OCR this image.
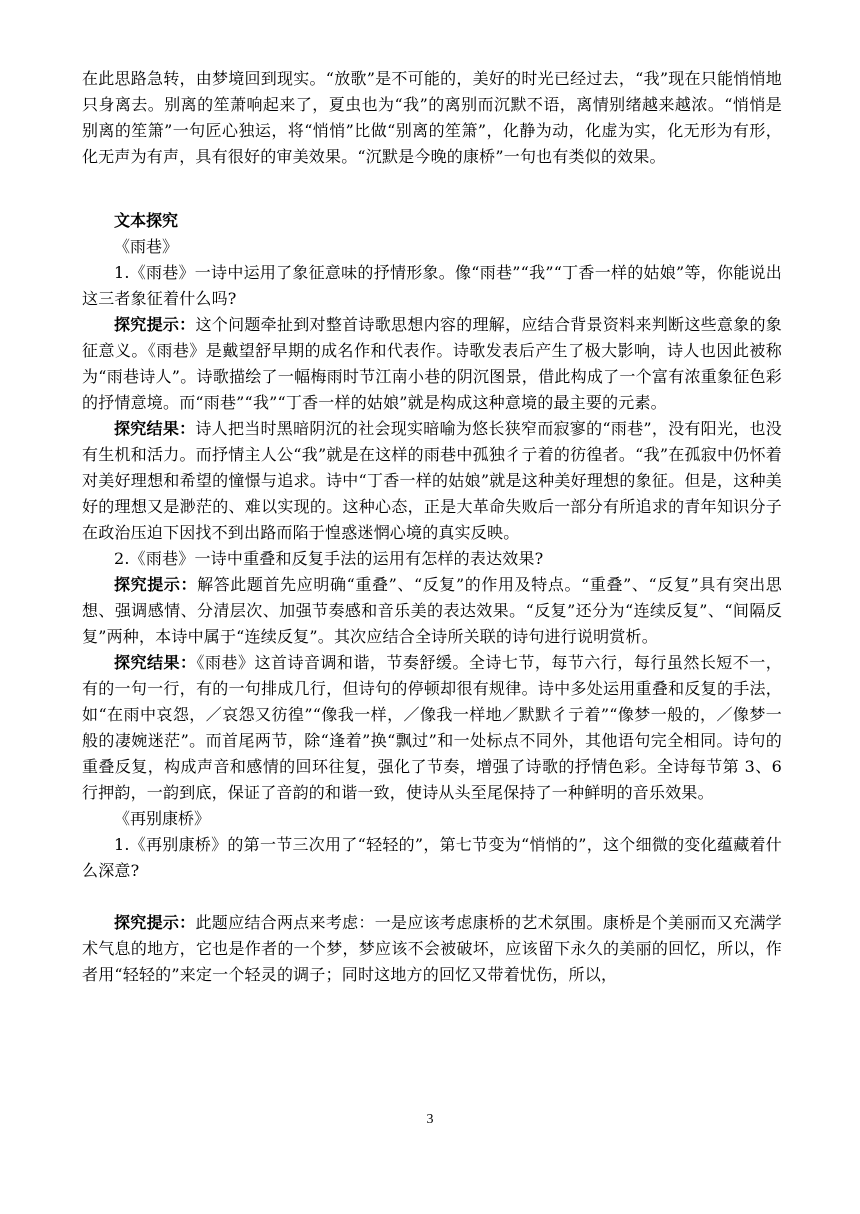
在此思路急转，由梦境回到现实。“放歌”是不可能的，美好的时光已经过去，“我”现在只能悄悄地只身离去。别离的笙萧响起来了，夏虫也为“我”的离别而沉默不语，离情别绪越来越浓。“悄悄是别离的笙箫”一句匠心独运，将“悄悄”比做“别离的笙箫”，化静为动，化虚为实，化无形为有形，化无声为有声，具有很好的审美效果。“沉默是今晚的康桥”一句也有类似的效果。

文本探究

《雨巷》

1.《雨巷》一诗中运用了象征意味的抒情形象。像“雨巷”“我”“丁香一样的姑娘”等，你能说出这三者象征着什么吗?

探究提示：这个问题牵扯到对整首诗歌思想内容的理解，应结合背景资料来判断这些意象的象征意义。《雨巷》是戴望舒早期的成名作和代表作。诗歌发表后产生了极大影响，诗人也因此被称为“雨巷诗人”。诗歌描绘了一幅梅雨时节江南小巷的阴沉图景，借此构成了一个富有浓重象征色彩的抒情意境。而“雨巷”“我”“丁香一样的姑娘”就是构成这种意境的最主要的元素。

探究结果：诗人把当时黑暗阴沉的社会现实暗喻为悠长狭窄而寂寥的“雨巷”，没有阳光，也没有生机和活力。而抒情主人公“我”就是在这样的雨巷中孤独彳亍着的彷徨者。“我”在孤寂中仍怀着对美好理想和希望的憧憬与追求。诗中“丁香一样的姑娘”就是这种美好理想的象征。但是，这种美好的理想又是渺茫的、难以实现的。这种心态，正是大革命失败后一部分有所追求的青年知识分子在政治压迫下因找不到出路而陷于惶惑迷惘心境的真实反映。

2.《雨巷》一诗中重叠和反复手法的运用有怎样的表达效果?

探究提示：解答此题首先应明确“重叠”、“反复”的作用及特点。“重叠”、“反复”具有突出思想、强调感情、分清层次、加强节奏感和音乐美的表达效果。“反复”还分为“连续反复”、“间隔反复”两种，本诗中属于“连续反复”。其次应结合全诗所关联的诗句进行说明赏析。

探究结果：《雨巷》这首诗音调和谐，节奏舒缓。全诗七节，每节六行，每行虽然长短不一，有的一句一行，有的一句排成几行，但诗句的停顿却很有规律。诗中多处运用重叠和反复的手法，如“在雨中哀怨，／哀怨又彷徨”“像我一样，／像我一样地／默默彳亍着”“像梦一般的，／像梦一般的凄婉迷茫”。而首尾两节，除“逢着”换“飘过”和一处标点不同外，其他语句完全相同。诗句的重叠反复，构成声音和感情的回环往复，强化了节奏，增强了诗歌的抒情色彩。全诗每节第 3、6 行押韵，一韵到底，保证了音韵的和谐一致，使诗从头至尾保持了一种鲜明的音乐效果。

《再别康桥》

1.《再别康桥》的第一节三次用了“轻轻的”，第七节变为“悄悄的”，这个细微的变化蕴藏着什么深意?

探究提示：此题应结合两点来考虑：一是应该考虑康桥的艺术氛围。康桥是个美丽而又充满学术气息的地方，它也是作者的一个梦，梦应该不会被破坏，应该留下永久的美丽的回忆，所以，作者用“轻轻的”来定一个轻灵的调子；同时这地方的回忆又带着忧伤，所以，

3
